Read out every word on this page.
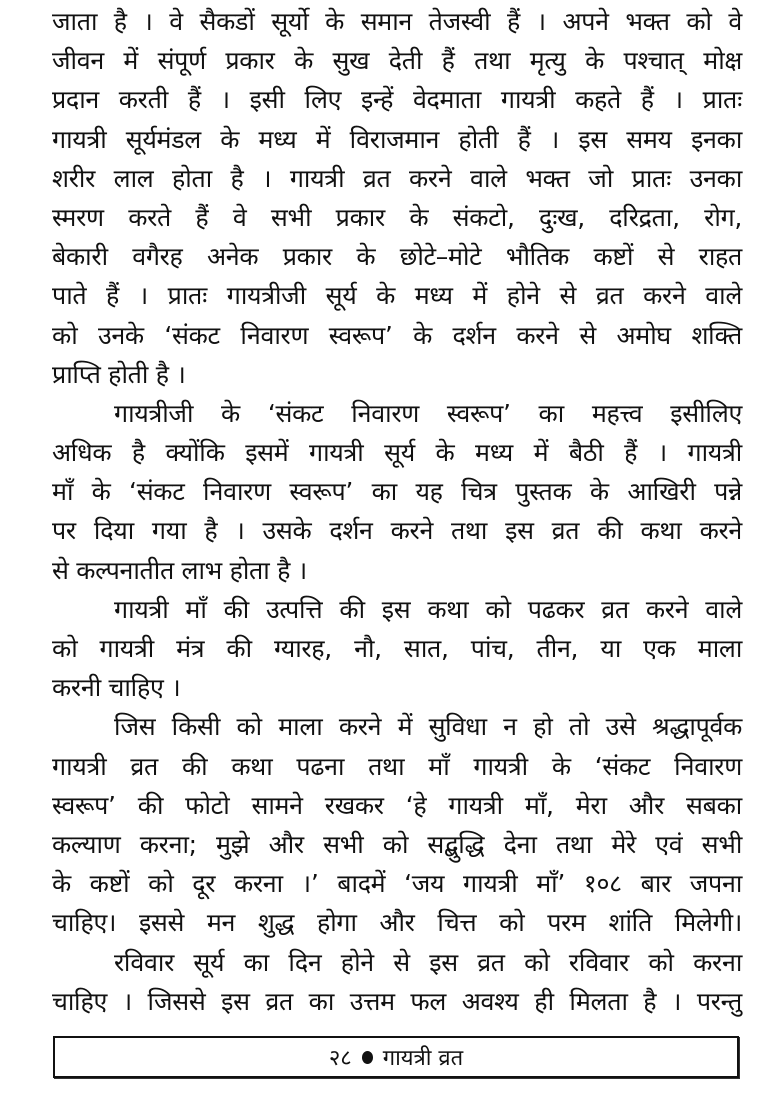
जाता है । वे सैकडों सूर्यो के समान तेजस्वी हैं । अपने भक्त को वे
जीवन में संपूर्ण प्रकार के सुख देती हैं तथा मृत्यु के पश्चात् मोक्ष
प्रदान करती हैं । इसी लिए इन्हें वेदमाता गायत्री कहते हैं । प्रातः
गायत्री सूर्यमंडल के मध्य में विराजमान होती हैं । इस समय इनका
शरीर लाल होता है । गायत्री व्रत करने वाले भक्त जो प्रातः उनका
स्मरण करते हैं वे सभी प्रकार के संकटो, दुःख, दरिद्रता, रोग,
बेकारी वगैरह अनेक प्रकार के छोटे–मोटे भौतिक कष्टों से राहत
पाते हैं । प्रातः गायत्रीजी सूर्य के मध्य में होने से व्रत करने वाले
को उनके ‘संकट निवारण स्वरूप’ के दर्शन करने से अमोघ शक्ति
प्राप्ति होती है ।
गायत्रीजी के ‘संकट निवारण स्वरूप’ का महत्त्व इसीलिए
अधिक है क्योंकि इसमें गायत्री सूर्य के मध्य में बैठी हैं । गायत्री
माँ के ‘संकट निवारण स्वरूप’ का यह चित्र पुस्तक के आखिरी पन्ने
पर दिया गया है । उसके दर्शन करने तथा इस व्रत की कथा करने
से कल्पनातीत लाभ होता है ।
गायत्री माँ की उत्पत्ति की इस कथा को पढकर व्रत करने वाले
को गायत्री मंत्र की ग्यारह, नौ, सात, पांच, तीन, या एक माला
करनी चाहिए ।
जिस किसी को माला करने में सुविधा न हो तो उसे श्रद्धापूर्वक
गायत्री व्रत की कथा पढना तथा माँ गायत्री के ‘संकट निवारण
स्वरूप’ की फोटो सामने रखकर ‘हे गायत्री माँ, मेरा और सबका
कल्याण करना; मुझे और सभी को सद्बुद्धि देना तथा मेरे एवं सभी
के कष्टों को दूर करना ।’ बादमें ‘जय गायत्री माँ’ १०८ बार जपना
चाहिए। इससे मन शुद्ध होगा और चित्त को परम शांति मिलेगी।
रविवार सूर्य का दिन होने से इस व्रत को रविवार को करना
चाहिए । जिससे इस व्रत का उत्तम फल अवश्य ही मिलता है । परन्तु
२८ गायत्री व्रत
